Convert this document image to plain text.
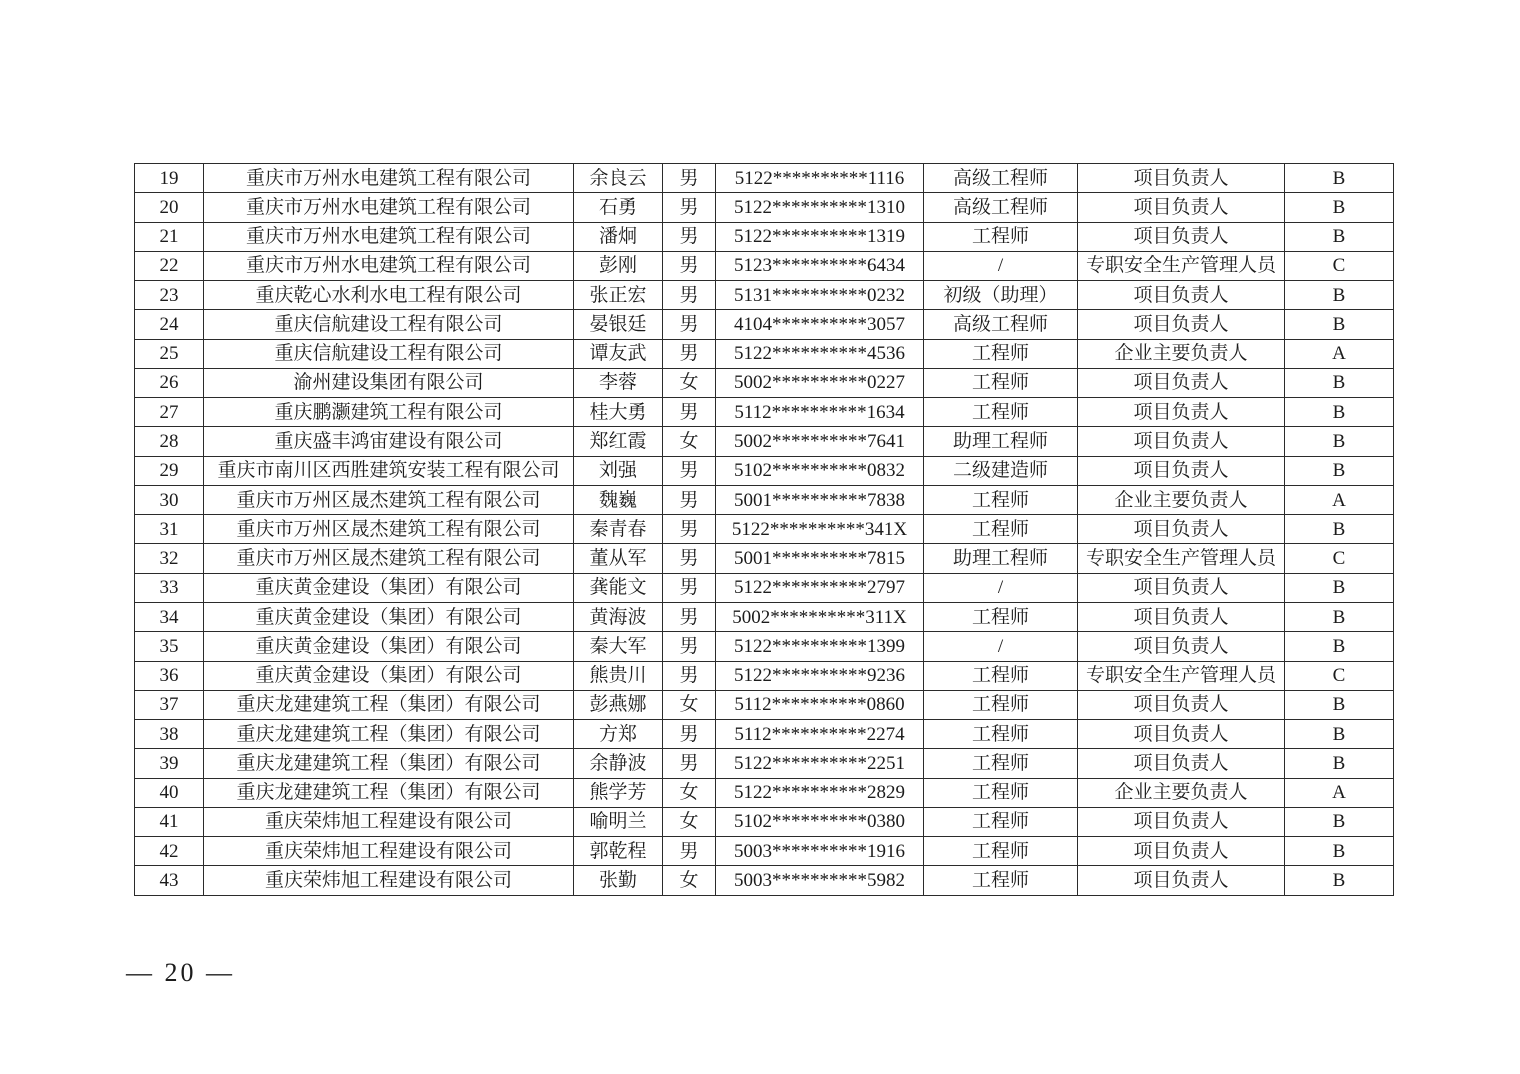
19	重庆市万州水电建筑工程有限公司	余良云	男	5122**********1116	高级工程师	项目负责人	B
20	重庆市万州水电建筑工程有限公司	石勇	男	5122**********1310	高级工程师	项目负责人	B
21	重庆市万州水电建筑工程有限公司	潘炯	男	5122**********1319	工程师	项目负责人	B
22	重庆市万州水电建筑工程有限公司	彭刚	男	5123**********6434	/	专职安全生产管理人员	C
23	重庆乾心水利水电工程有限公司	张正宏	男	5131**********0232	初级（助理）	项目负责人	B
24	重庆信航建设工程有限公司	晏银廷	男	4104**********3057	高级工程师	项目负责人	B
25	重庆信航建设工程有限公司	谭友武	男	5122**********4536	工程师	企业主要负责人	A
26	渝州建设集团有限公司	李蓉	女	5002**********0227	工程师	项目负责人	B
27	重庆鹏灏建筑工程有限公司	桂大勇	男	5112**********1634	工程师	项目负责人	B
28	重庆盛丰鸿宙建设有限公司	郑红霞	女	5002**********7641	助理工程师	项目负责人	B
29	重庆市南川区西胜建筑安装工程有限公司	刘强	男	5102**********0832	二级建造师	项目负责人	B
30	重庆市万州区晟杰建筑工程有限公司	魏巍	男	5001**********7838	工程师	企业主要负责人	A
31	重庆市万州区晟杰建筑工程有限公司	秦青春	男	5122**********341X	工程师	项目负责人	B
32	重庆市万州区晟杰建筑工程有限公司	董从军	男	5001**********7815	助理工程师	专职安全生产管理人员	C
33	重庆黄金建设（集团）有限公司	龚能文	男	5122**********2797	/	项目负责人	B
34	重庆黄金建设（集团）有限公司	黄海波	男	5002**********311X	工程师	项目负责人	B
35	重庆黄金建设（集团）有限公司	秦大军	男	5122**********1399	/	项目负责人	B
36	重庆黄金建设（集团）有限公司	熊贵川	男	5122**********9236	工程师	专职安全生产管理人员	C
37	重庆龙建建筑工程（集团）有限公司	彭燕娜	女	5112**********0860	工程师	项目负责人	B
38	重庆龙建建筑工程（集团）有限公司	方郑	男	5112**********2274	工程师	项目负责人	B
39	重庆龙建建筑工程（集团）有限公司	余静波	男	5122**********2251	工程师	项目负责人	B
40	重庆龙建建筑工程（集团）有限公司	熊学芳	女	5122**********2829	工程师	企业主要负责人	A
41	重庆荣炜旭工程建设有限公司	喻明兰	女	5102**********0380	工程师	项目负责人	B
42	重庆荣炜旭工程建设有限公司	郭乾程	男	5003**********1916	工程师	项目负责人	B
43	重庆荣炜旭工程建设有限公司	张勤	女	5003**********5982	工程师	项目负责人	B
— 20 —
